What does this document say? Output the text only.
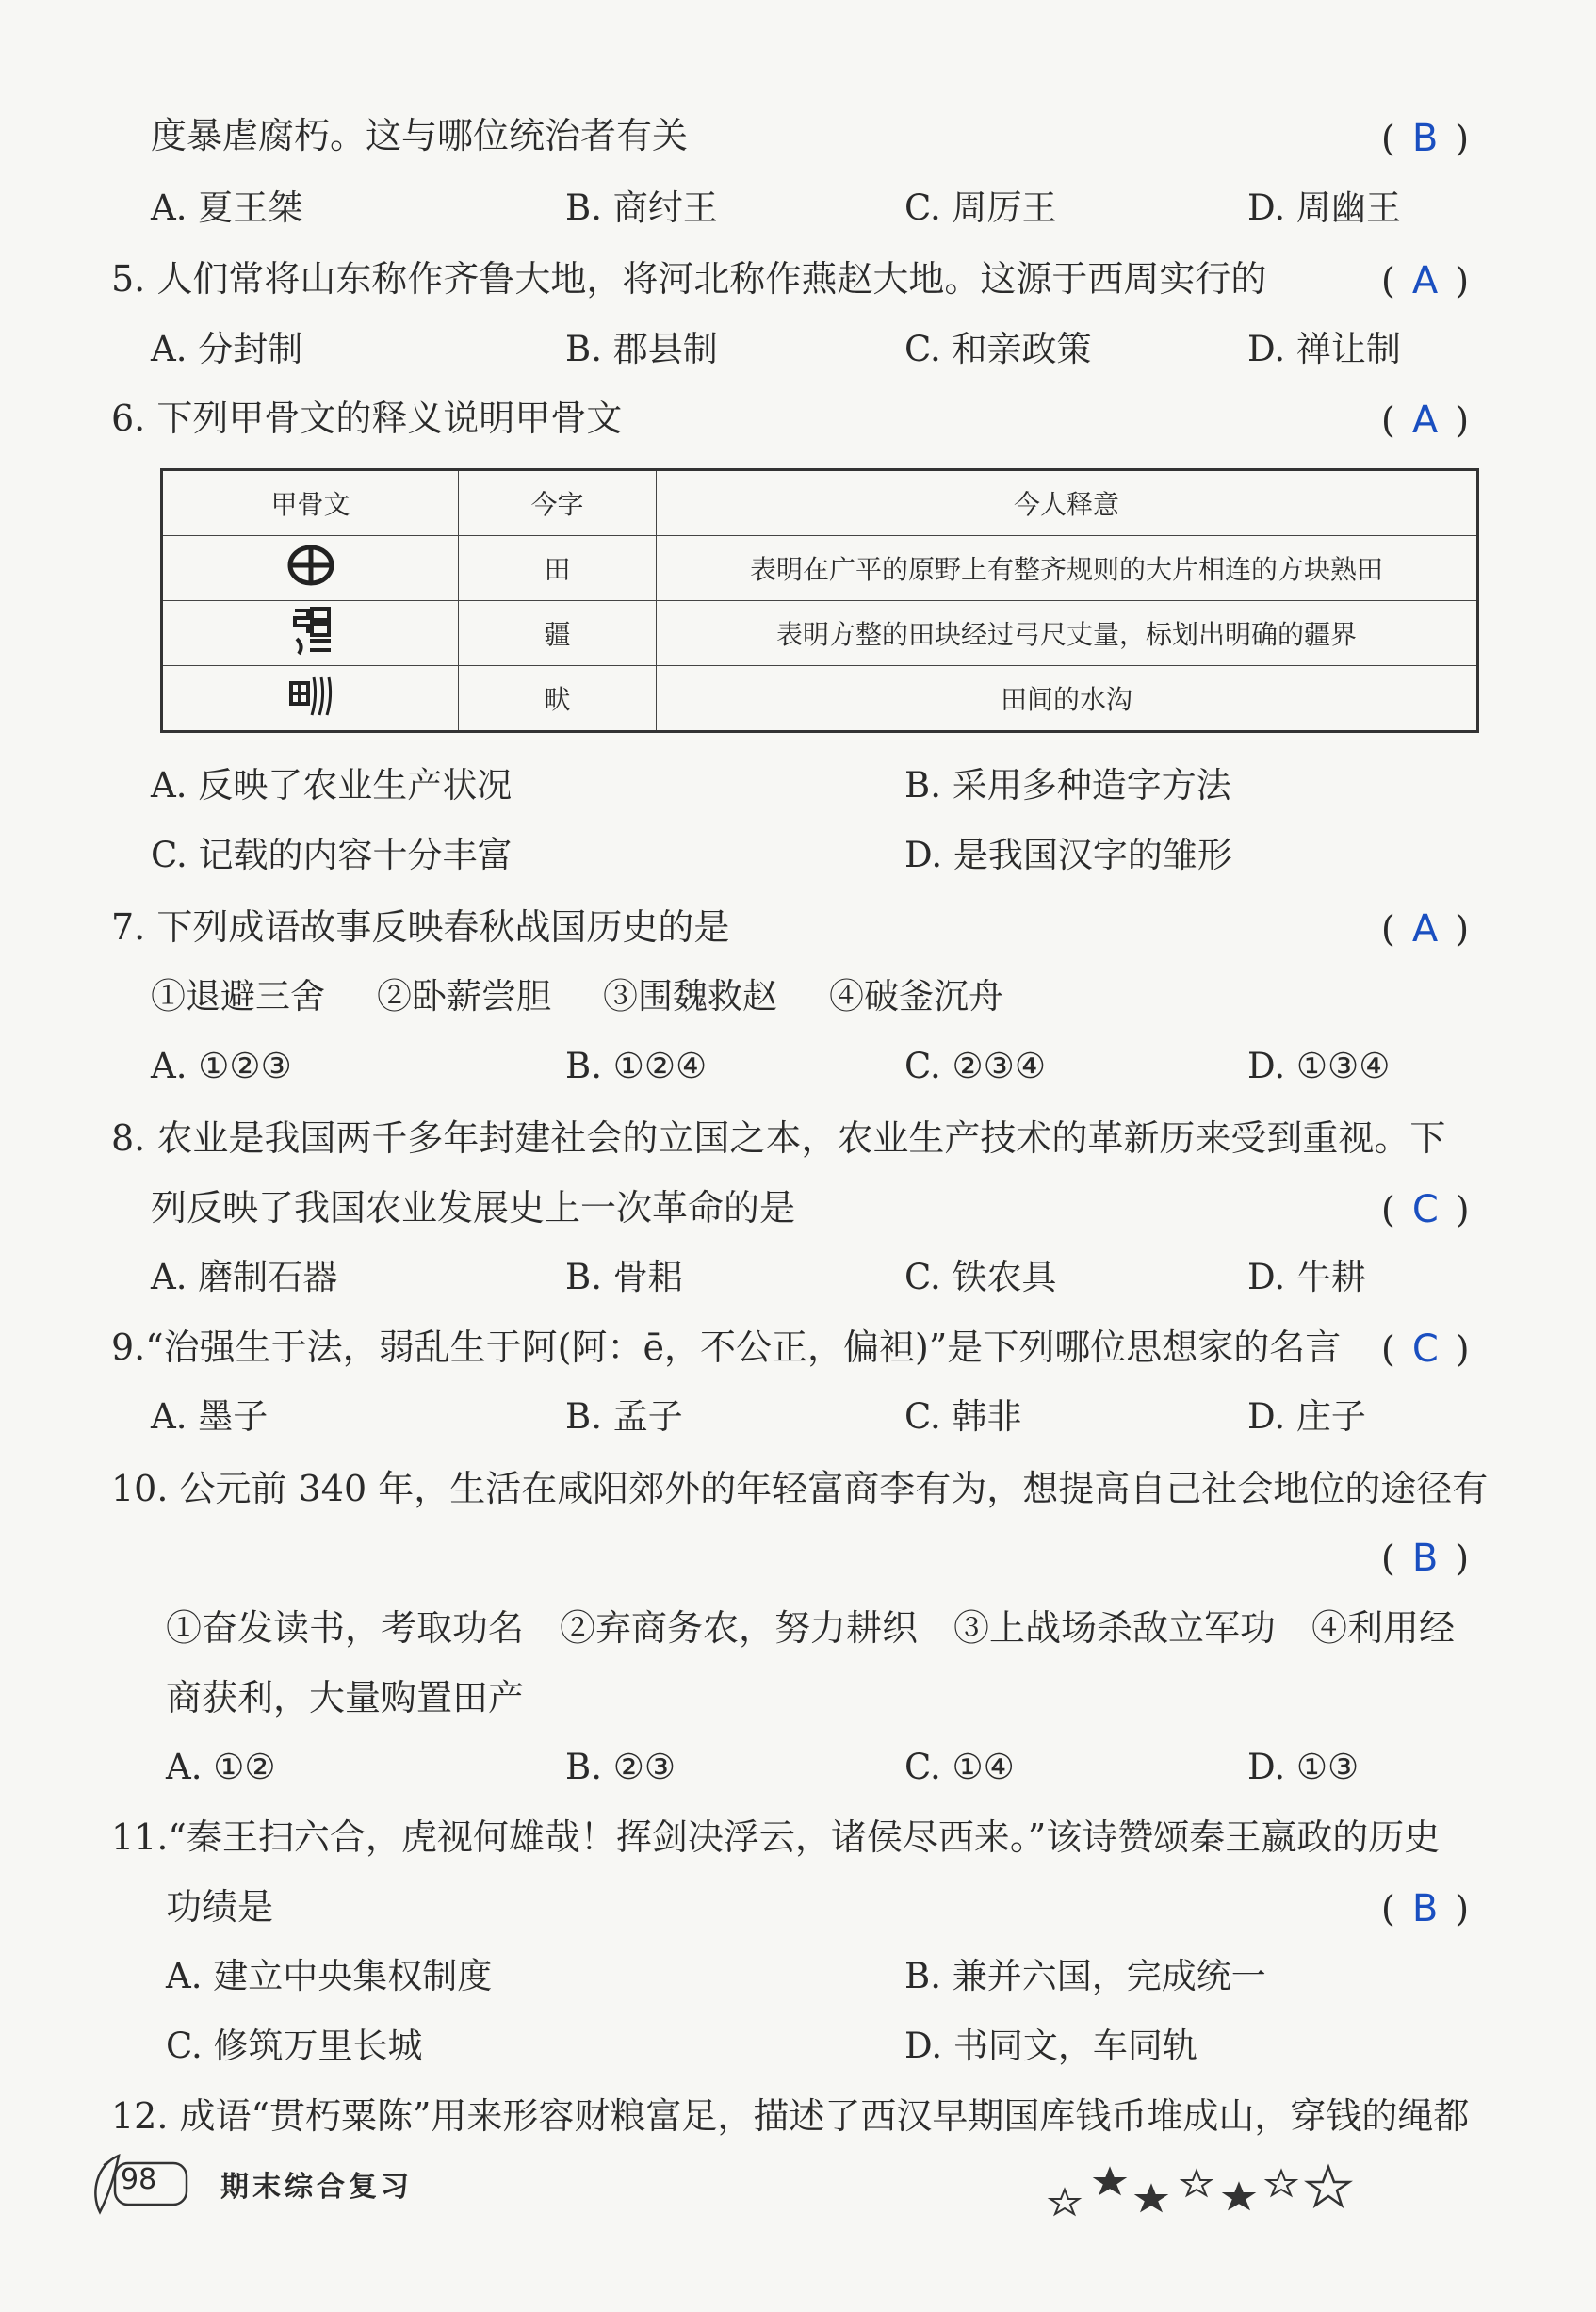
度暴虐腐朽。这与哪位统治者有关	( B )
A. 夏王桀	B. 商纣王	C. 周厉王	D. 周幽王
5. 人们常将山东称作齐鲁大地，将河北称作燕赵大地。这源于西周实行的	( A )
A. 分封制	B. 郡县制	C. 和亲政策	D. 禅让制
6. 下列甲骨文的释义说明甲骨文	( A )
甲骨文	今字	今人释意
	田	表明在广平的原野上有整齐规则的大片相连的方块熟田
	疆	表明方整的田块经过弓尺丈量，标划出明确的疆界
	畎	田间的水沟
A. 反映了农业生产状况	B. 采用多种造字方法
C. 记载的内容十分丰富	D. 是我国汉字的雏形
7. 下列成语故事反映春秋战国历史的是	( A )
①退避三舍 ②卧薪尝胆 ③围魏救赵 ④破釜沉舟
A. ①②③	B. ①②④	C. ②③④	D. ①③④
8. 农业是我国两千多年封建社会的立国之本，农业生产技术的革新历来受到重视。下
列反映了我国农业发展史上一次革命的是	( C )
A. 磨制石器	B. 骨耜	C. 铁农具	D. 牛耕
9.“治强生于法，弱乱生于阿(阿：ē，不公正，偏袒)”是下列哪位思想家的名言 ( C )
A. 墨子	B. 孟子	C. 韩非	D. 庄子
10. 公元前 340 年，生活在咸阳郊外的年轻富商李有为，想提高自己社会地位的途径有
( B )
①奋发读书，考取功名　②弃商务农，努力耕织　③上战场杀敌立军功　④利用经
商获利，大量购置田产
A. ①②	B. ②③	C. ①④	D. ①③
11.“秦王扫六合，虎视何雄哉！挥剑决浮云，诸侯尽西来。”该诗赞颂秦王嬴政的历史
功绩是	( B )
A. 建立中央集权制度	B. 兼并六国，完成统一
C. 修筑万里长城	D. 书同文，车同轨
12. 成语“贯朽粟陈”用来形容财粮富足，描述了西汉早期国库钱币堆成山，穿钱的绳都
98 期末综合复习
